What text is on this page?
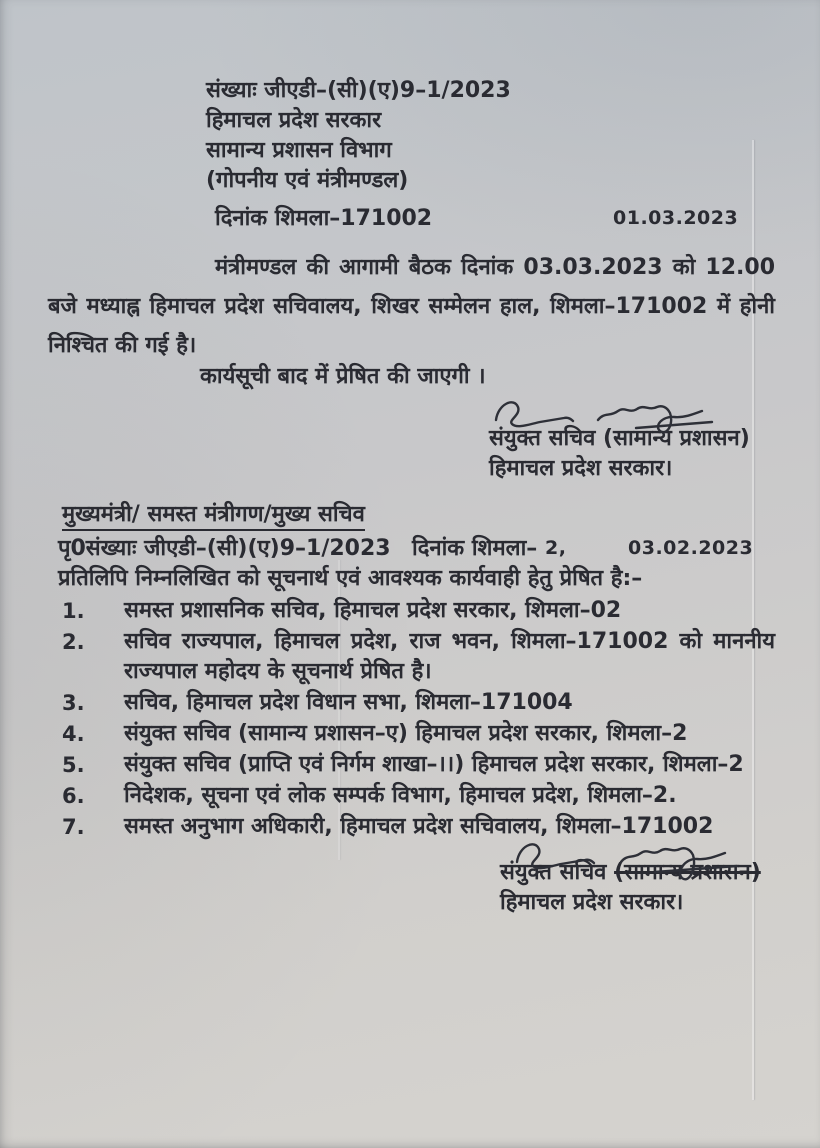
संख्याः जीएडी–(सी)(ए)9–1/2023
हिमाचल प्रदेश सरकार
सामान्य प्रशासन विभाग
(गोपनीय एवं मंत्रीमण्डल)
दिनांक शिमला–171002	01.03.2023
मंत्रीमण्डल की आगामी बैठक दिनांक 03.03.2023 को 12.00 बजे मध्याह्न हिमाचल प्रदेश सचिवालय, शिखर सम्मेलन हाल, शिमला–171002 में होनी निश्चित की गई है।
कार्यसूची बाद में प्रेषित की जाएगी ।
संयुक्त सचिव (सामान्य प्रशासन)
हिमाचल प्रदेश सरकार।
मुख्यमंत्री/ समस्त मंत्रीगण/मुख्य सचिव
पृ0संख्याः जीएडी–(सी)(ए)9–1/2023 दिनांक शिमला– 2,	03.02.2023
प्रतिलिपि निम्नलिखित को सूचनार्थ एवं आवश्यक कार्यवाही हेतु प्रेषित है:–
1.	समस्त प्रशासनिक सचिव, हिमाचल प्रदेश सरकार, शिमला–02
2.	सचिव राज्यपाल, हिमाचल प्रदेश, राज भवन, शिमला–171002 को माननीय राज्यपाल महोदय के सूचनार्थ प्रेषित है।
3.	सचिव, हिमाचल प्रदेश विधान सभा, शिमला–171004
4.	संयुक्त सचिव (सामान्य प्रशासन–ए) हिमाचल प्रदेश सरकार, शिमला–2
5.	संयुक्त सचिव (प्राप्ति एवं निर्गम शाखा–।।) हिमाचल प्रदेश सरकार, शिमला–2
6.	निदेशक, सूचना एवं लोक सम्पर्क विभाग, हिमाचल प्रदेश, शिमला–2.
7.	समस्त अनुभाग अधिकारी, हिमाचल प्रदेश सचिवालय, शिमला–171002
संयुक्त सचिव (सामान्य प्रशासन)
हिमाचल प्रदेश सरकार।
